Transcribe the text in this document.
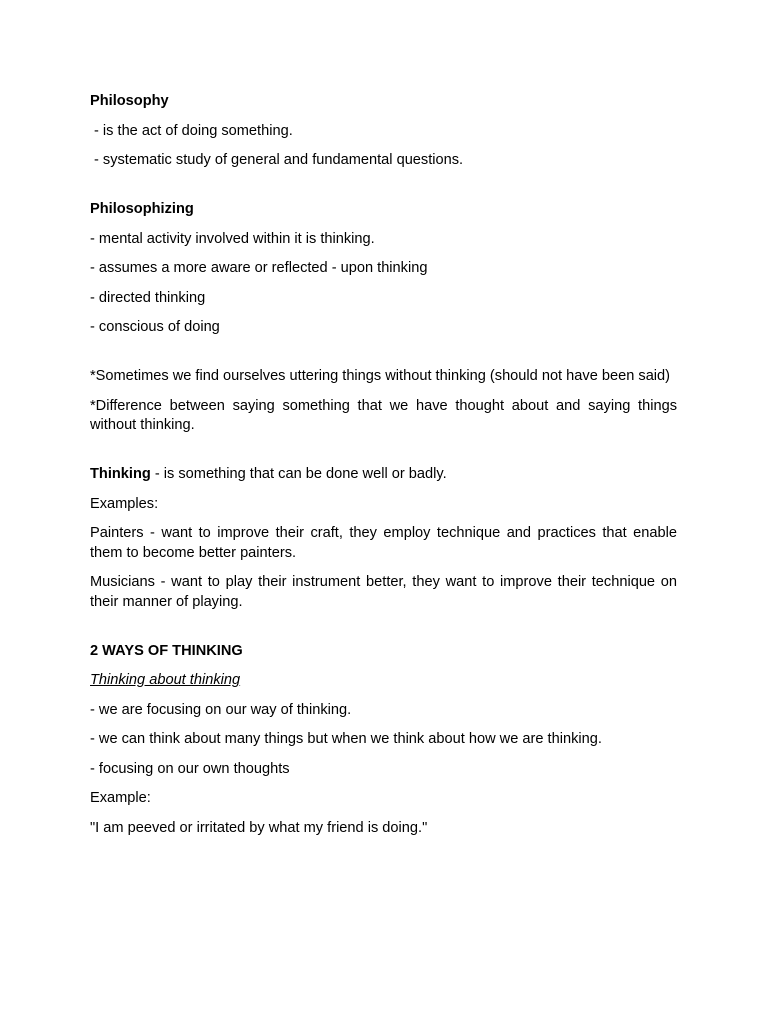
Philosophy

- is the act of doing something.

- systematic study of general and fundamental questions.

Philosophizing

- mental activity involved within it is thinking.

- assumes a more aware or reflected - upon thinking

- directed thinking

- conscious of doing

*Sometimes we find ourselves uttering things without thinking (should not have been said)

*Difference between saying something that we have thought about and saying things without thinking.

Thinking - is something that can be done well or badly.

Examples:

Painters - want to improve their craft, they employ technique and practices that enable them to become better painters.

Musicians - want to play their instrument better, they want to improve their technique on their manner of playing.

2 WAYS OF THINKING

Thinking about thinking

- we are focusing on our way of thinking.

- we can think about many things but when we think about how we are thinking.

- focusing on our own thoughts

Example:

"I am peeved or irritated by what my friend is doing."
